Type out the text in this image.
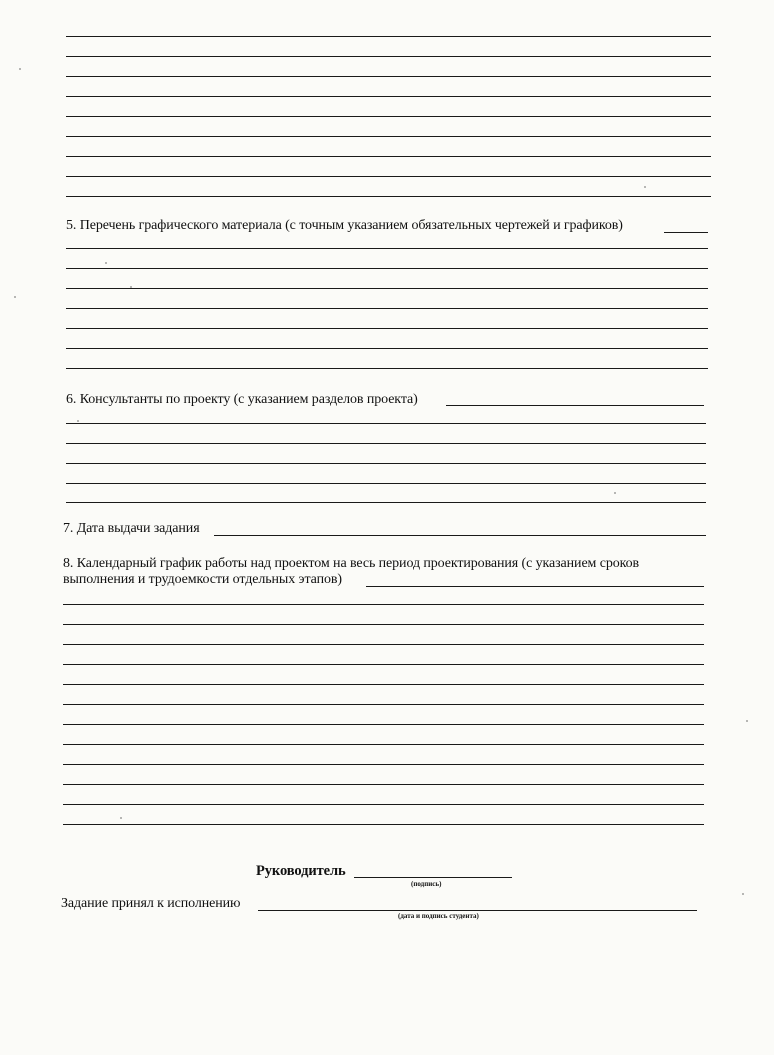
5. Перечень графического материала (с точным указанием обязательных чертежей и графиков)
6. Консультанты по проекту (с указанием разделов проекта)
7. Дата выдачи задания
8. Календарный график работы над проектом на весь период проектирования (с указанием сроков
выполнения и трудоемкости отдельных этапов)
Руководитель
(подпись)
Задание принял к исполнению
(дата и подпись студента)
